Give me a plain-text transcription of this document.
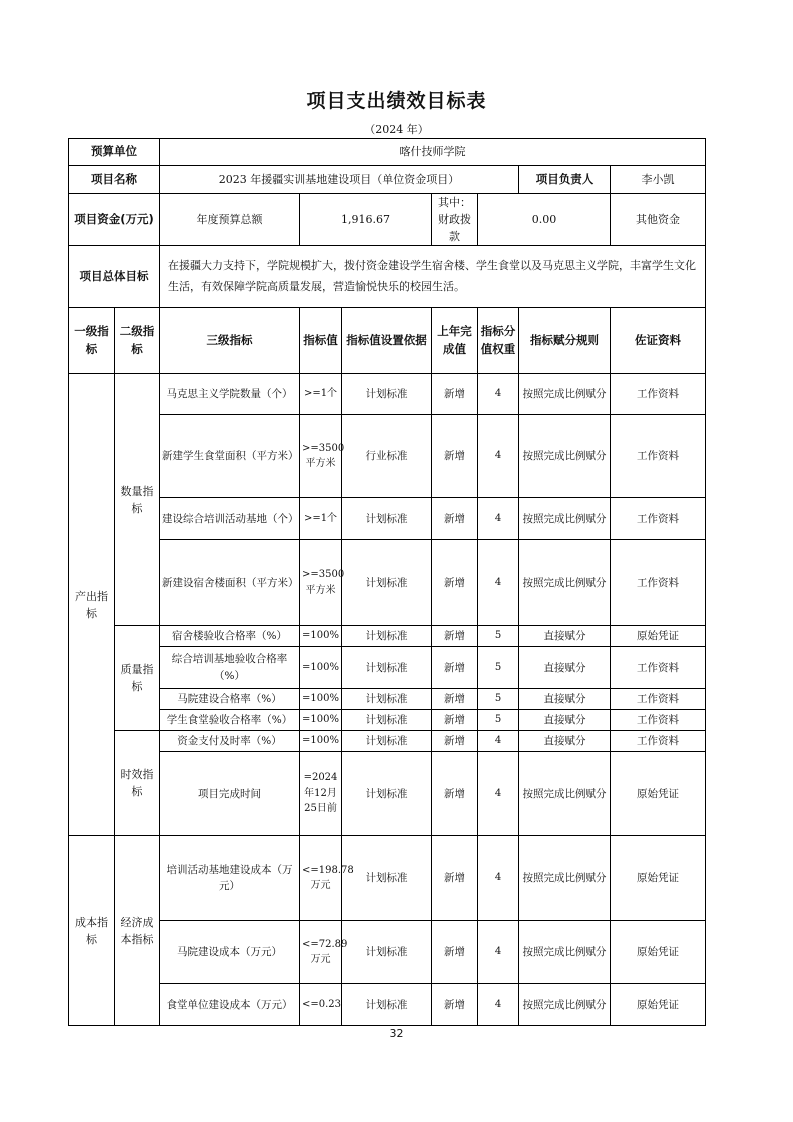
项目支出绩效目标表
（2024 年）
预算单位		喀什技师学院							
项目名称		2023 年援疆实训基地建设项目（单位资金项目）					项目负责人	李小凯	
项目资金(万元)		年度预算总额	1,916.67		其中：财政拨款	0.00		其他资金	
项目总体目标		在援疆大力支持下，学院规模扩大，拨付资金建设学生宿舍楼、学生食堂以及马克思主义学院，丰富学生文化生活，有效保障学院高质量发展，营造愉悦快乐的校园生活。							
一级指标	二级指标	三级指标	指标值	指标值设置依据	上年完成值	指标分值权重	指标赋分规则	佐证资料	
产出指标	数量指标	马克思主义学院数量（个）	>=1个	计划标准	新增	4	按照完成比例赋分	工作资料	
		新建学生食堂面积（平方米）	>=3500平方米	行业标准	新增	4	按照完成比例赋分	工作资料	
		建设综合培训活动基地（个）	>=1个	计划标准	新增	4	按照完成比例赋分	工作资料	
		新建设宿舍楼面积（平方米）	>=3500平方米	计划标准	新增	4	按照完成比例赋分	工作资料	
	质量指标	宿舍楼验收合格率（%）	=100%	计划标准	新增	5	直接赋分	原始凭证	
		综合培训基地验收合格率（%）	=100%	计划标准	新增	5	直接赋分	工作资料	
		马院建设合格率（%）	=100%	计划标准	新增	5	直接赋分	工作资料	
		学生食堂验收合格率（%）	=100%	计划标准	新增	5	直接赋分	工作资料	
	时效指标	资金支付及时率（%）	=100%	计划标准	新增	4	直接赋分	工作资料	
		项目完成时间	=2024年12月25日前	计划标准	新增	4	按照完成比例赋分	原始凭证	
成本指标	经济成本指标	培训活动基地建设成本（万元）	<=198.78万元	计划标准	新增	4	按照完成比例赋分	原始凭证	
		马院建设成本（万元）	<=72.89万元	计划标准	新增	4	按照完成比例赋分	原始凭证	
		食堂单位建设成本（万元）	<=0.23	计划标准	新增	4	按照完成比例赋分	原始凭证	
32
